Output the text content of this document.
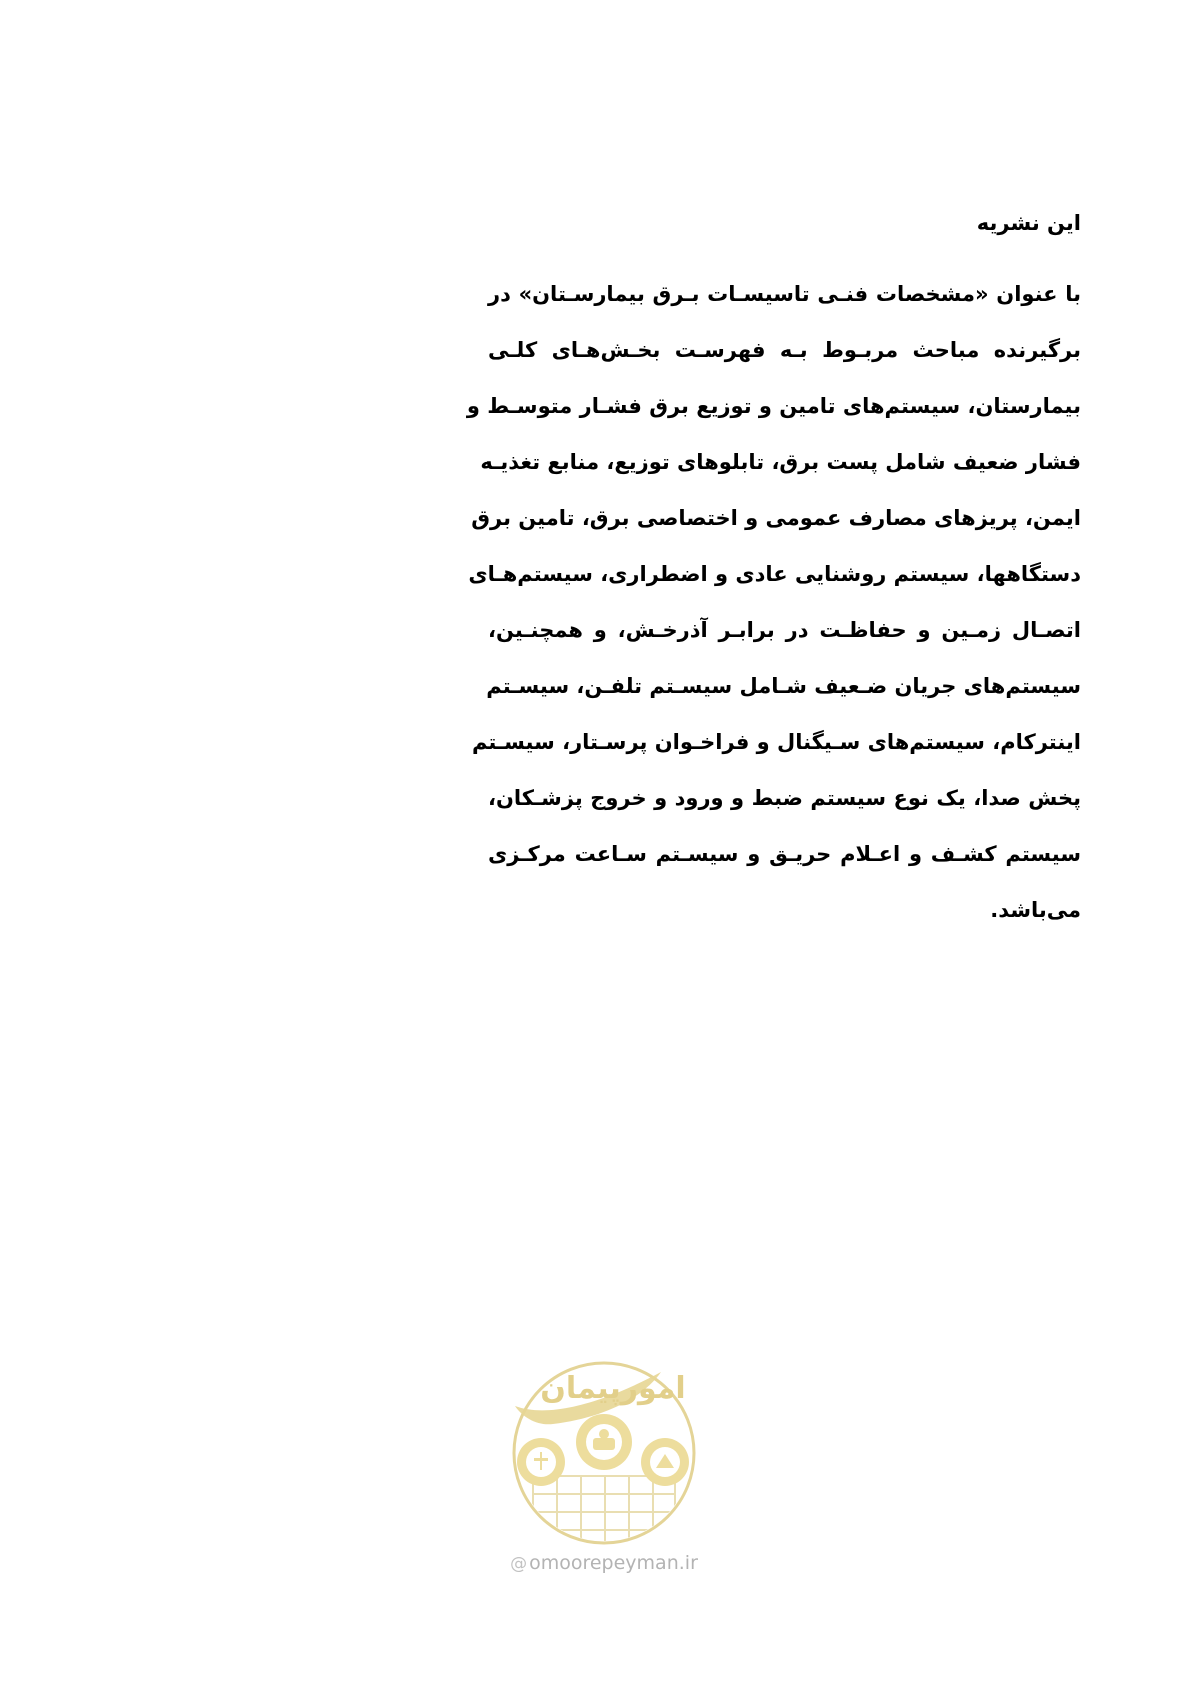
این نشریه
با عنوان «مشخصات فنـی تاسیسـات بـرق بیمارسـتان» در
برگیرنده مباحث مربـوط بـه فهرسـت بخـش‌هـای کلـی
بیمارستان، سیستم‌های تامین و توزیع برق فشـار متوسـط و
فشار ضعیف شامل پست برق، تابلوهای توزیع، منابع تغذیـه
ایمن، پریزهای مصارف عمومی و اختصاصی برق، تامین برق
دستگاهها، سیستم روشنایی عادی و اضطراری، سیستم‌هـای
اتصـال زمـین و حفاظـت در برابـر آذرخـش، و همچنـین،
سیستم‌های جریان ضـعیف شـامل سیسـتم تلفـن، سیسـتم
اینترکام، سیستم‌های سـیگنال و فراخـوان پرسـتار، سیسـتم
پخش صدا، یک نوع سیستم ضبط و ورود و خروج پزشـکان،
سیستم کشـف و اعـلام حریـق و سیسـتم سـاعت مرکـزی
می‌باشد.
امورپیمان
@ omoorepeyman.ir
